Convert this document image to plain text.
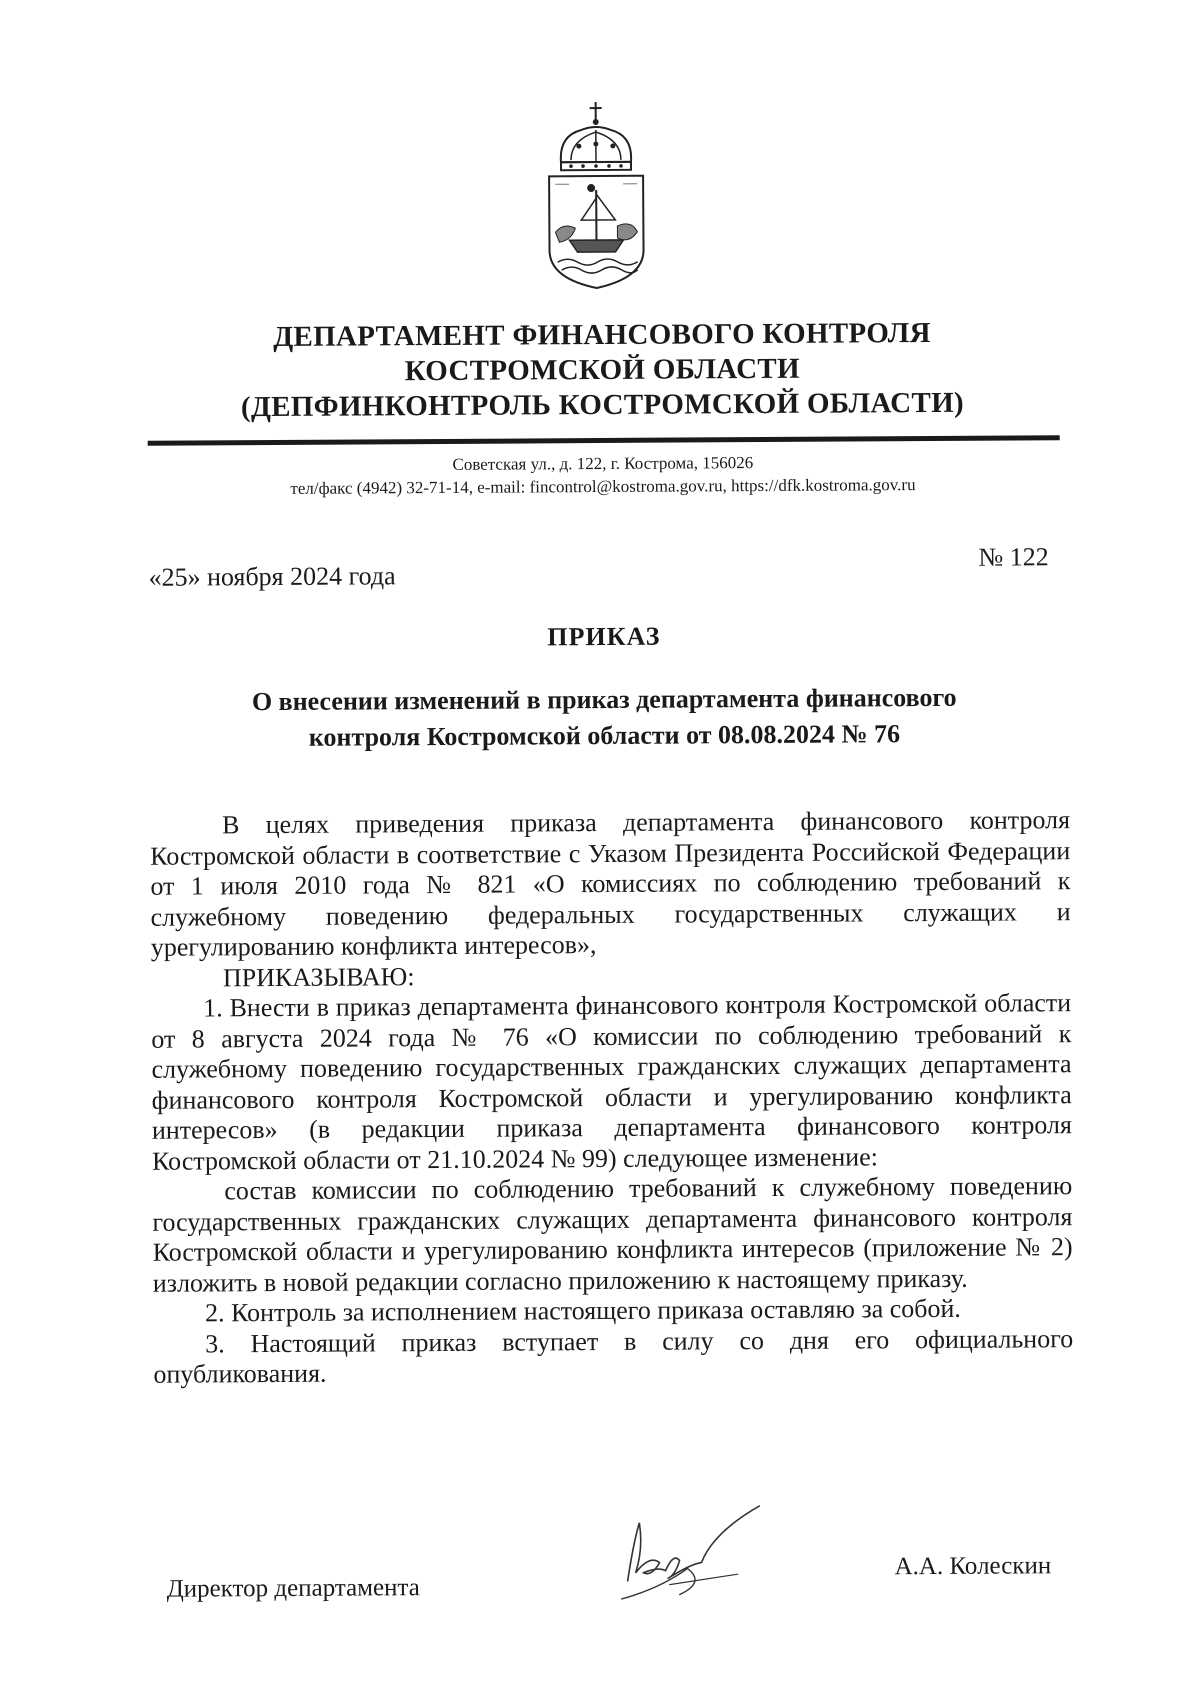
ДЕПАРТАМЕНТ ФИНАНСОВОГО КОНТРОЛЯ
КОСТРОМСКОЙ ОБЛАСТИ
(ДЕПФИНКОНТРОЛЬ КОСТРОМСКОЙ ОБЛАСТИ)
Советская ул., д. 122, г. Кострома, 156026
тел/факс (4942) 32-71-14, e-mail: fincontrol@kostroma.gov.ru, https://dfk.kostroma.gov.ru
«25» ноября 2024 года
№ 122
ПРИКАЗ
О внесении изменений в приказ департамента финансового
контроля Костромской области от 08.08.2024 № 76

В целях приведения приказа департамента финансового контроля Костромской области в соответствие с Указом Президента Российской Федерации от 1 июля 2010 года № 821 «О комиссиях по соблюдению требований к служебному поведению федеральных государственных служащих и урегулированию конфликта интересов»,

ПРИКАЗЫВАЮ:

1. Внести в приказ департамента финансового контроля Костромской области от 8 августа 2024 года № 76 «О комиссии по соблюдению требований к служебному поведению государственных гражданских служащих департамента финансового контроля Костромской области и урегулированию конфликта интересов» (в редакции приказа департамента финансового контроля Костромской области от 21.10.2024 № 99) следующее изменение:

состав комиссии по соблюдению требований к служебному поведению государственных гражданских служащих департамента финансового контроля Костромской области и урегулированию конфликта интересов (приложение № 2) изложить в новой редакции согласно приложению к настоящему приказу.

2. Контроль за исполнением настоящего приказа оставляю за собой.

3. Настоящий приказ вступает в силу со дня его официального опубликования.

Директор департамента
А.А. Колескин
